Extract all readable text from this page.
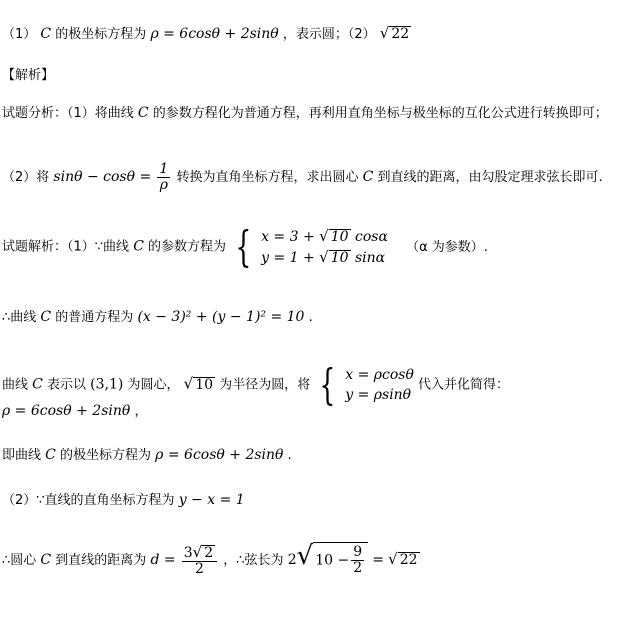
（1） C 的极坐标方程为 ρ = 6cosθ + 2sinθ ，表示圆；（2） √ 22
【解析】
试题分析：（1）将曲线 C 的参数方程化为普通方程，再利用直角坐标与极坐标的互化公式进行转换即可；
（2）将 $\sin\theta - \cos\theta = \frac{1}{\rho}$ 转换为直角坐标方程，求出圆心 C 到直线的距离，由勾股定理求弦长即可.
试题解析：（1）∵曲线 C 的参数方程为 { x = 3 + √ 10 cosα
y = 1 + √ 10 sinα
（α 为参数）.
∴曲线 C 的普通方程为 (x − 3)² + (y − 1)² = 10 .
曲线 C 表示以 (3,1) 为圆心， √ 10 为半径为圆，将 { x = ρcosθ
y = ρsinθ
代入并化简得：
ρ = 6cosθ + 2sinθ ，
即曲线 C 的极坐标方程为 ρ = 6cosθ + 2sinθ .
（2）∵直线的直角坐标方程为 y − x = 1
∴圆心 C 到直线的距离为 $d = \frac{3√ 2}{2}$ ，∴弦长为 2√ $10 - \frac{9}{2}$ = √ 22
